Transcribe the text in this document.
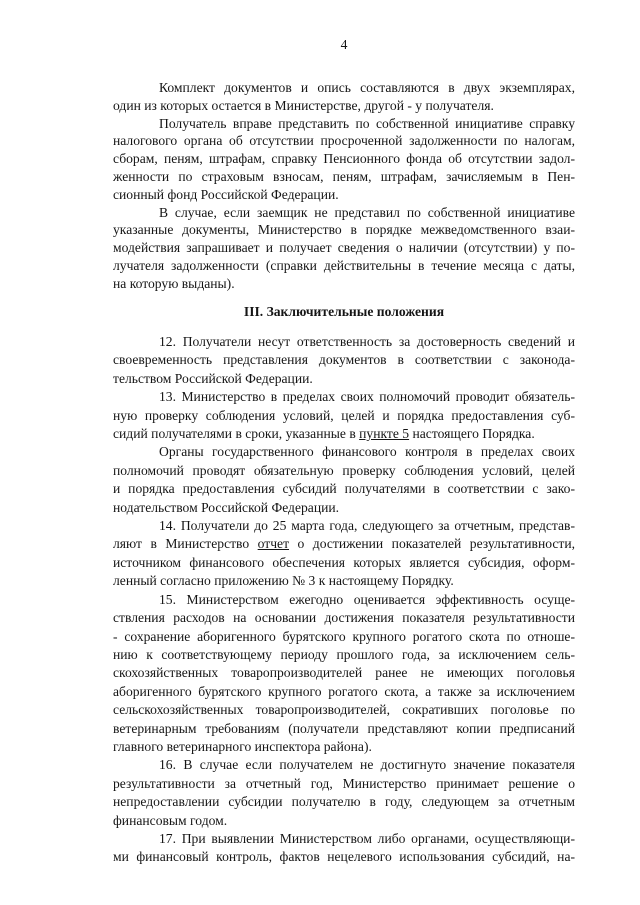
4
Комплект документов и опись составляются в двух экземплярах,
один из которых остается в Министерстве, другой - у получателя.
Получатель вправе представить по собственной инициативе справку
налогового органа об отсутствии просроченной задолженности по налогам,
сборам, пеням, штрафам, справку Пенсионного фонда об отсутствии задол-
женности по страховым взносам, пеням, штрафам, зачисляемым в Пен-
сионный фонд Российской Федерации.
В случае, если заемщик не представил по собственной инициативе
указанные документы, Министерство в порядке межведомственного взаи-
модействия запрашивает и получает сведения о наличии (отсутствии) у по-
лучателя задолженности (справки действительны в течение месяца с даты,
на которую выданы).
III. Заключительные положения
12. Получатели несут ответственность за достоверность сведений и
своевременность представления документов в соответствии с законода-
тельством Российской Федерации.
13. Министерство в пределах своих полномочий проводит обязатель-
ную проверку соблюдения условий, целей и порядка предоставления суб-
сидий получателями в сроки, указанные в пункте 5 настоящего Порядка.
Органы государственного финансового контроля в пределах своих
полномочий проводят обязательную проверку соблюдения условий, целей
и порядка предоставления субсидий получателями в соответствии с зако-
нодательством Российской Федерации.
14. Получатели до 25 марта года, следующего за отчетным, представ-
ляют в Министерство отчет о достижении показателей результативности,
источником финансового обеспечения которых является субсидия, оформ-
ленный согласно приложению № 3 к настоящему Порядку.
15. Министерством ежегодно оценивается эффективность осуще-
ствления расходов на основании достижения показателя результативности
- сохранение аборигенного бурятского крупного рогатого скота по отноше-
нию к соответствующему периоду прошлого года, за исключением сель-
скохозяйственных товаропроизводителей ранее не имеющих поголовья
аборигенного бурятского крупного рогатого скота, а также за исключением
сельскохозяйственных товаропроизводителей, сокративших поголовье по
ветеринарным требованиям (получатели представляют копии предписаний
главного ветеринарного инспектора района).
16. В случае если получателем не достигнуто значение показателя
результативности за отчетный год, Министерство принимает решение о
непредоставлении субсидии получателю в году, следующем за отчетным
финансовым годом.
17. При выявлении Министерством либо органами, осуществляющи-
ми финансовый контроль, фактов нецелевого использования субсидий, на-
